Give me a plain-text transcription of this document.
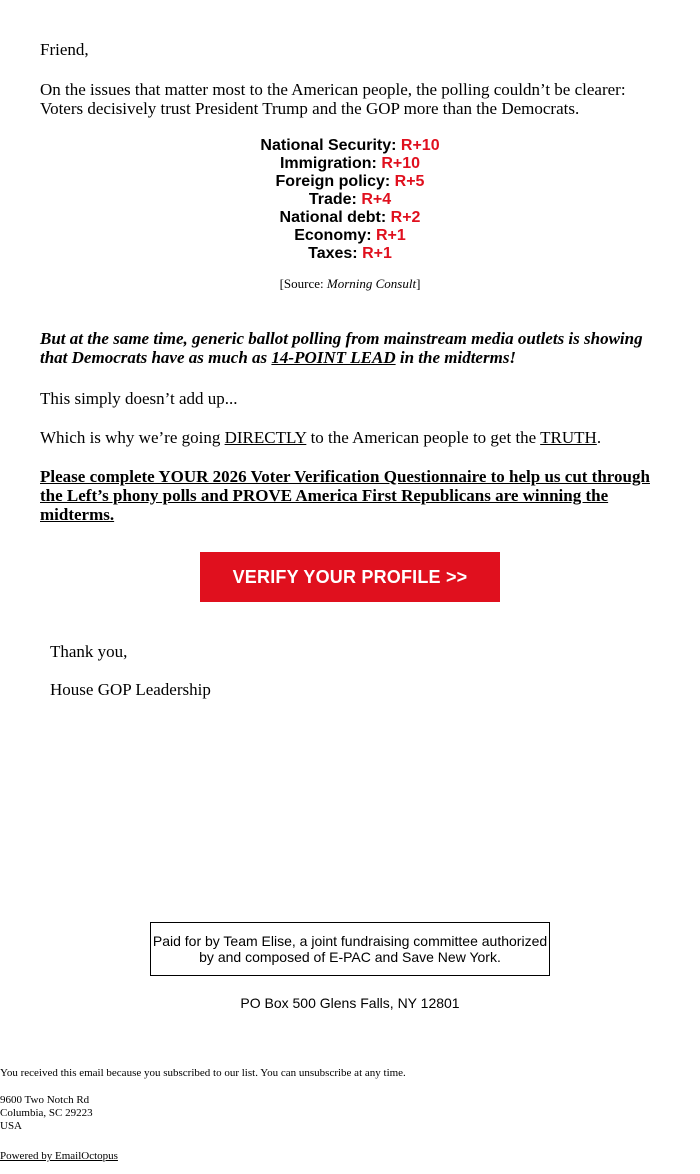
Friend,

On the issues that matter most to the American people, the polling couldn’t be clearer: Voters decisively trust President Trump and the GOP more than the Democrats.

National Security: R+10
Immigration: R+10
Foreign policy: R+5
Trade: R+4
National debt: R+2
Economy: R+1
Taxes: R+1
[Source: Morning Consult]

But at the same time, generic ballot polling from mainstream media outlets is showing that Democrats have as much as 14-POINT LEAD in the midterms!

This simply doesn’t add up...

Which is why we’re going DIRECTLY to the American people to get the TRUTH.

Please complete YOUR 2026 Voter Verification Questionnaire to help us cut through the Left’s phony polls and PROVE America First Republicans are winning the midterms.
VERIFY YOUR PROFILE >>

Thank you,

House GOP Leadership

Paid for by Team Elise, a joint fundraising committee authorized by and composed of E-PAC and Save New York.
PO Box 500 Glens Falls, NY 12801
You received this email because you subscribed to our list. You can unsubscribe at any time.
9600 Two Notch Rd
Columbia, SC 29223
USA
Powered by EmailOctopus
